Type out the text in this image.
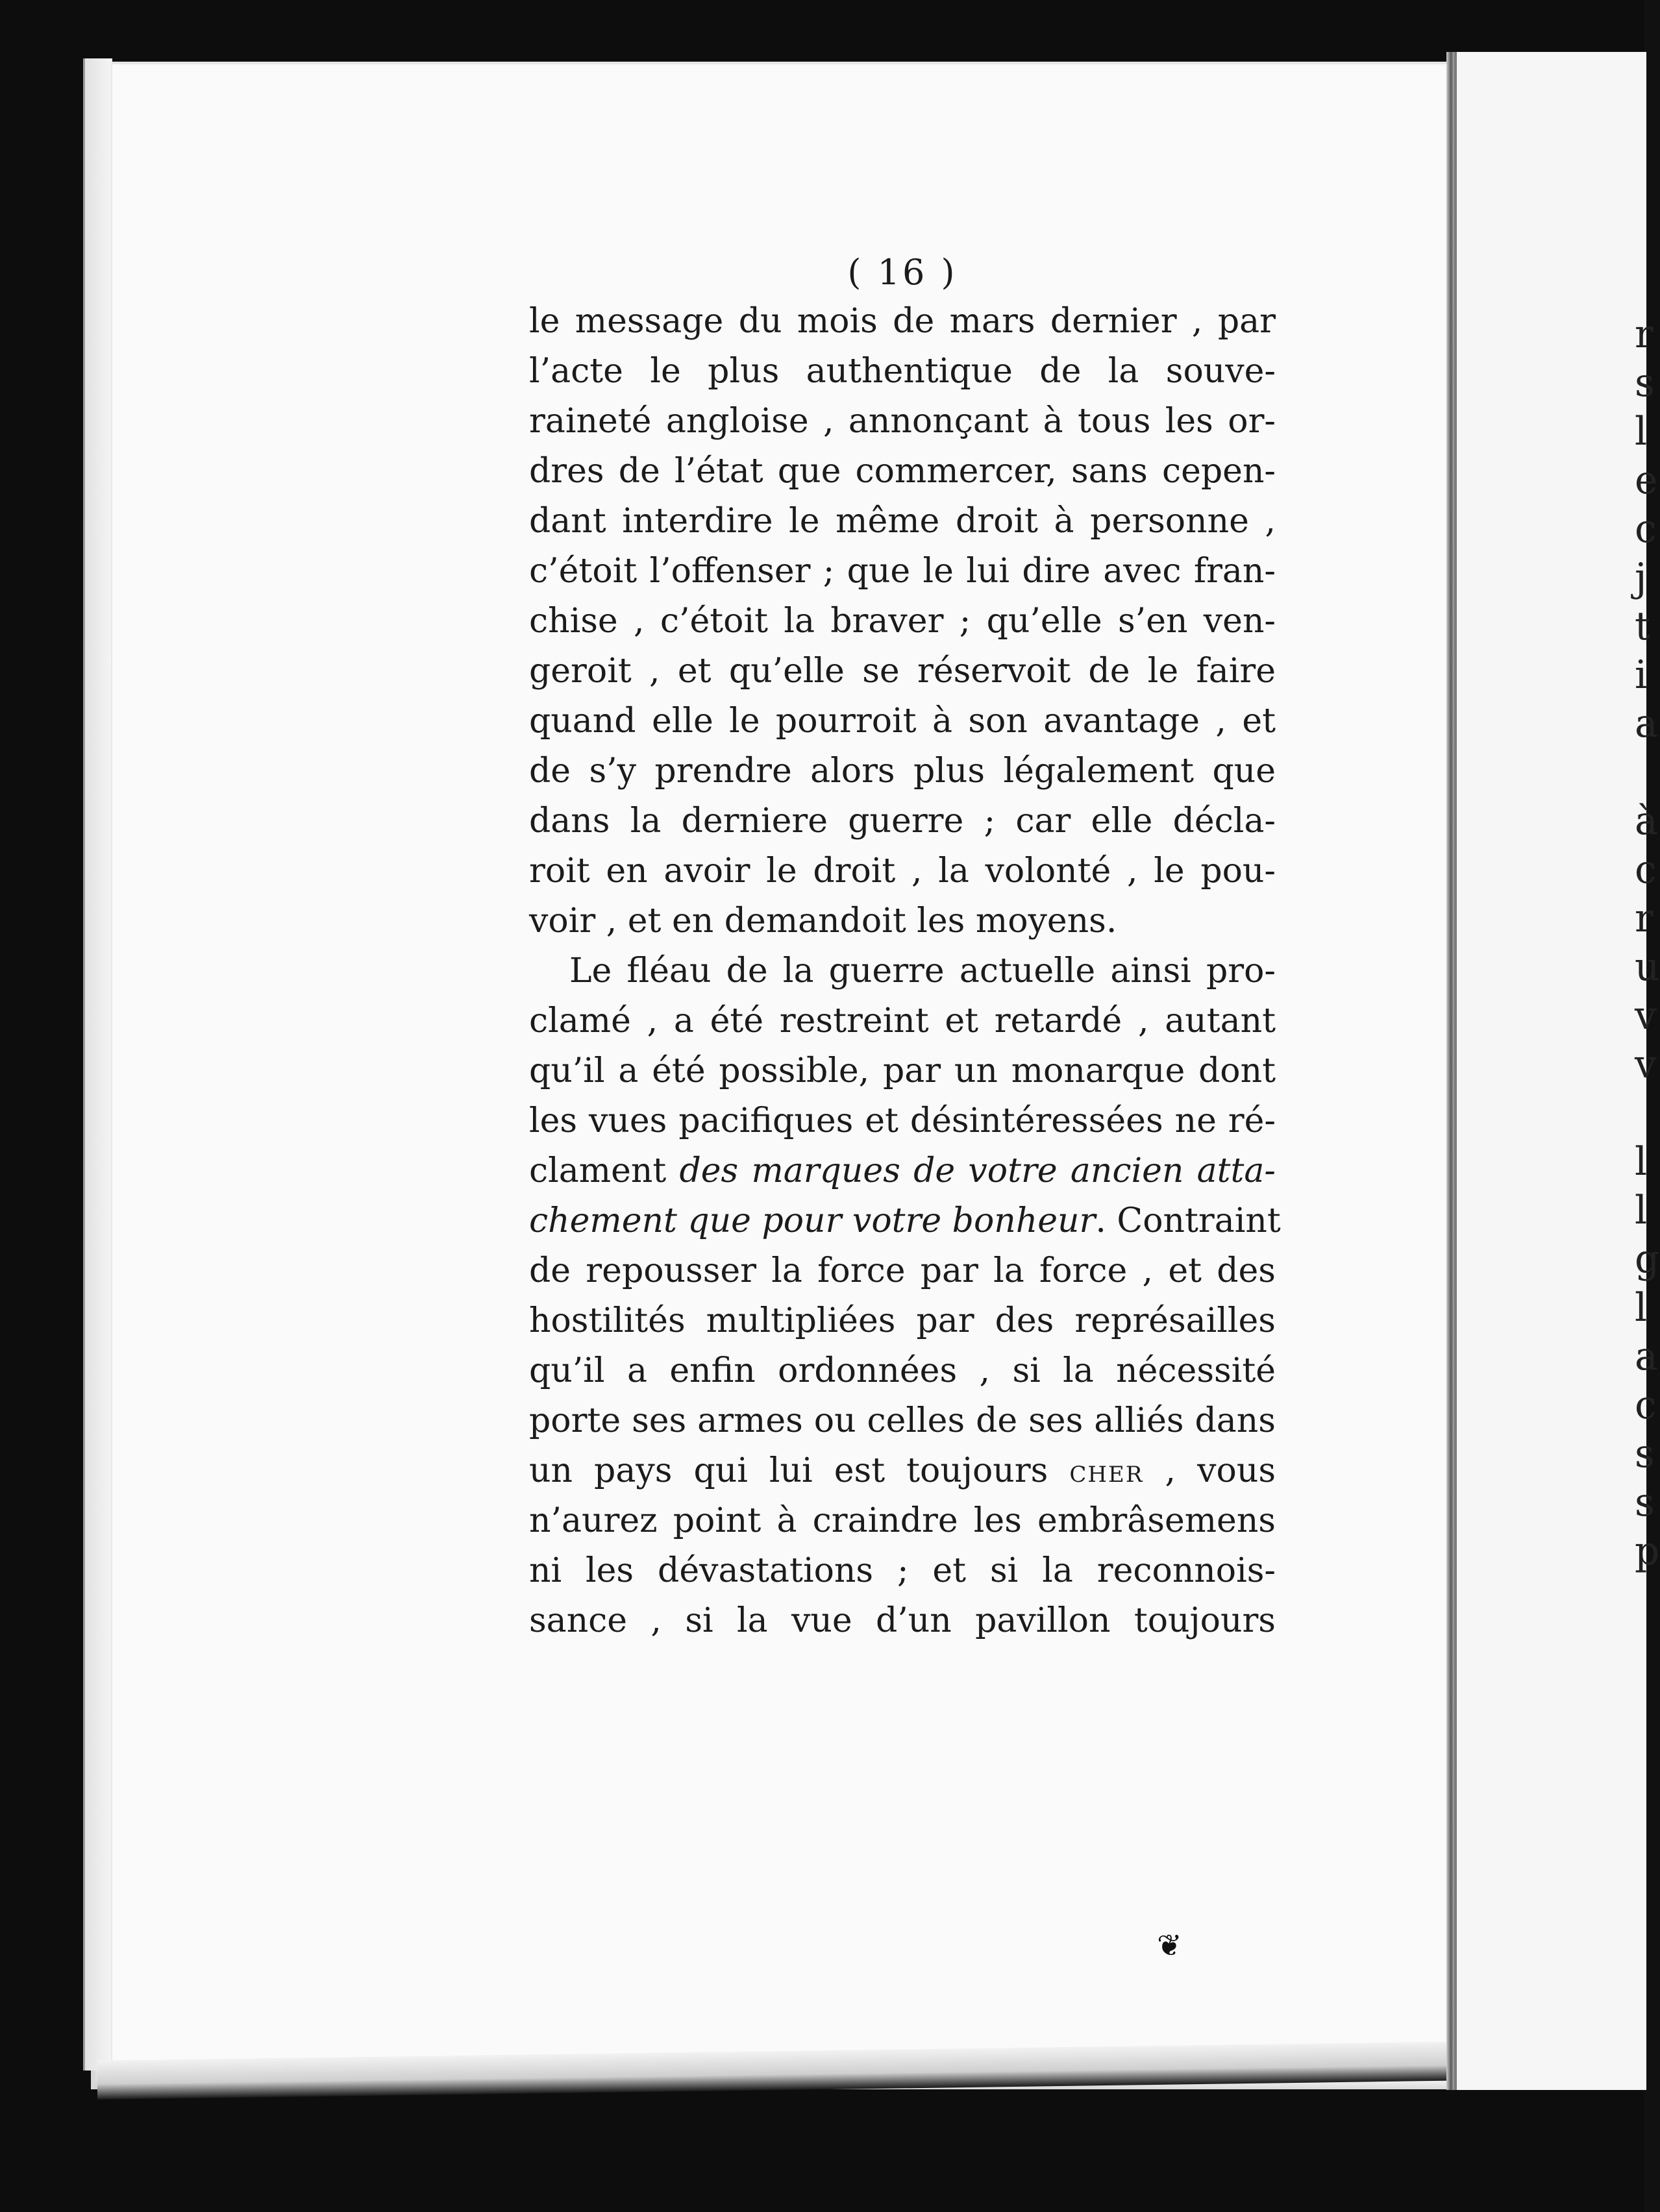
r
s
l
e
c
j
t
i
a
à
c
r
u
v
v
l
l
g
l
a
c
s
s
p
( 16 )
le message du mois de mars dernier , par
l’acte le plus authentique de la souve-
raineté angloise , annonçant à tous les or-
dres de l’état que commercer, sans cepen-
dant interdire le même droit à personne ,
c’étoit l’offenser ; que le lui dire avec fran-
chise , c’étoit la braver ; qu’elle s’en ven-
geroit , et qu’elle se réservoit de le faire
quand elle le pourroit à son avantage , et
de s’y prendre alors plus légalement que
dans la derniere guerre ; car elle décla-
roit en avoir le droit , la volonté , le pou-
voir , et en demandoit les moyens.
Le fléau de la guerre actuelle ainsi pro-
clamé , a été restreint et retardé , autant
qu’il a été possible, par un monarque dont
les vues pacifiques et désintéressées ne ré-
clament des marques de votre ancien atta-
chement que pour votre bonheur. Contraint
de repousser la force par la force , et des
hostilités multipliées par des représailles
qu’il a enfin ordonnées , si la nécessité
porte ses armes ou celles de ses alliés dans
un pays qui lui est toujours CHER , vous
n’aurez point à craindre les embrâsemens
ni les dévastations ; et si la reconnois-
sance , si la vue d’un pavillon toujours
❦
